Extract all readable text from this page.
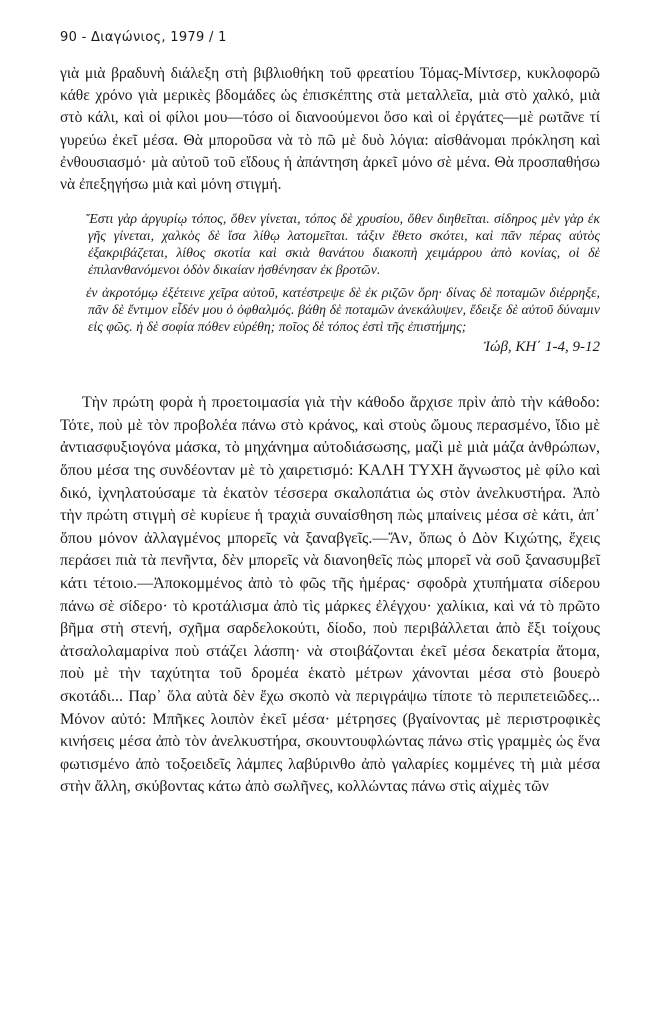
90 - Διαγώνιος, 1979 / 1

γιὰ μιὰ βραδυνὴ διάλεξη στὴ βιβλιοθήκη τοῦ φρεατίου Τόμας-Μίντσερ, κυκλοφορῶ κάθε χρόνο γιὰ μερικὲς βδομάδες ὡς ἐπισκέπτης στὰ μεταλλεῖα, μιὰ στὸ χαλκό, μιὰ στὸ κάλι, καὶ οἱ φίλοι μου—τόσο οἱ διανοούμενοι ὅσο καὶ οἱ ἐργάτες—μὲ ρωτᾶνε τί γυρεύω ἐκεῖ μέσα. Θὰ μποροῦσα νὰ τὸ πῶ μὲ δυὸ λόγια: αἰσθάνομαι πρόκληση καὶ ἐνθουσιασμό· μὰ αὐτοῦ τοῦ εἴδους ἡ ἀπάντηση ἀρκεῖ μόνο σὲ μένα. Θὰ προσπαθήσω νὰ ἐπεξηγήσω μιὰ καὶ μόνη στιγμή.

Ἔστι γὰρ ἀργυρίῳ τόπος, ὅθεν γίνεται, τόπος δὲ χρυσίου, ὅθεν διηθεῖται. σίδηρος μὲν γὰρ ἐκ γῆς γίνεται, χαλκὸς δὲ ἴσα λίθῳ λατομεῖται. τάξιν ἔθετο σκότει, καὶ πᾶν πέρας αὐτὸς ἐξακριβάζεται, λίθος σκοτία καὶ σκιὰ θανάτου διακοπὴ χειμάρρου ἀπὸ κονίας, οἱ δὲ ἐπιλανθανόμενοι ὁδὸν δικαίαν ἠσθένησαν ἐκ βροτῶν.

ἐν ἀκροτόμῳ ἐξέτεινε χεῖρα αὐτοῦ, κατέστρεψε δὲ ἐκ ριζῶν ὄρη· δίνας δὲ ποταμῶν διέρρηξε, πᾶν δὲ ἔντιμον εἶδέν μου ὁ ὀφθαλμός. βάθη δὲ ποταμῶν ἀνεκάλυψεν, ἔδειξε δὲ αὐτοῦ δύναμιν εἰς φῶς. ἡ δὲ σοφία πόθεν εὑρέθη; ποῖος δὲ τόπος ἐστὶ τῆς ἐπιστήμης;

Ἰώβ, ΚΗ΄ 1-4, 9-12

Τὴν πρώτη φορὰ ἡ προετοιμασία γιὰ τὴν κάθοδο ἄρχισε πρὶν ἀπὸ τὴν κάθοδο: Τότε, ποὺ μὲ τὸν προβολέα πάνω στὸ κράνος, καὶ στοὺς ὤμους περασμένο, ἴδιο μὲ ἀντιασφυξιογόνα μάσκα, τὸ μηχάνημα αὐτοδιάσωσης, μαζὶ μὲ μιὰ μάζα ἀνθρώπων, ὅπου μέσα της συνδέονταν μὲ τὸ χαιρετισμό: ΚΑΛΗ ΤΥΧΗ ἄγνωστος μὲ φίλο καὶ δικό, ἰχνηλατούσαμε τὰ ἑκατὸν τέσσερα σκαλοπάτια ὡς στὸν ἀνελκυστήρα. Ἀπὸ τὴν πρώτη στιγμὴ σὲ κυρίευε ἡ τραχιὰ συναίσθηση πὼς μπαίνεις μέσα σὲ κάτι, ἀπ᾽ ὅπου μόνον ἀλλαγμένος μπορεῖς νὰ ξαναβγεῖς.—Ἄν, ὅπως ὁ Δὸν Κιχώτης, ἔχεις περάσει πιὰ τὰ πενῆντα, δὲν μπορεῖς νὰ διανοηθεῖς πὼς μπορεῖ νὰ σοῦ ξανασυμβεῖ κάτι τέτοιο.—Ἀποκομμένος ἀπὸ τὸ φῶς τῆς ἡμέρας· σφοδρὰ χτυπήματα σίδερου πάνω σὲ σίδερο· τὸ κροτάλισμα ἀπὸ τὶς μάρκες ἐλέγχου· χαλίκια, καὶ νά τὸ πρῶτο βῆμα στὴ στενή, σχῆμα σαρδελοκούτι, δίοδο, ποὺ περιβάλλεται ἀπὸ ἔξι τοίχους ἀτσαλολαμαρίνα ποὺ στάζει λάσπη· νὰ στοιβάζονται ἐκεῖ μέσα δεκατρία ἄτομα, ποὺ μὲ τὴν ταχύτητα τοῦ δρομέα ἑκατὸ μέτρων χάνονται μέσα στὸ βουερὸ σκοτάδι... Παρ᾽ ὅλα αὐτὰ δὲν ἔχω σκοπὸ νὰ περιγράψω τίποτε τὸ περιπετειῶδες... Μόνον αὐτό: Μπῆκες λοιπὸν ἐκεῖ μέσα· μέτρησες (βγαίνοντας μὲ περιστροφικὲς κινήσεις μέσα ἀπὸ τὸν ἀνελκυστήρα, σκουντουφλώντας πάνω στὶς γραμμὲς ὡς ἕνα φωτισμένο ἀπὸ τοξοειδεῖς λάμπες λαβύρινθο ἀπὸ γαλαρίες κομμένες τὴ μιὰ μέσα στὴν ἄλλη, σκύβοντας κάτω ἀπὸ σωλῆνες, κολλώντας πάνω στὶς αἰχμὲς τῶν
